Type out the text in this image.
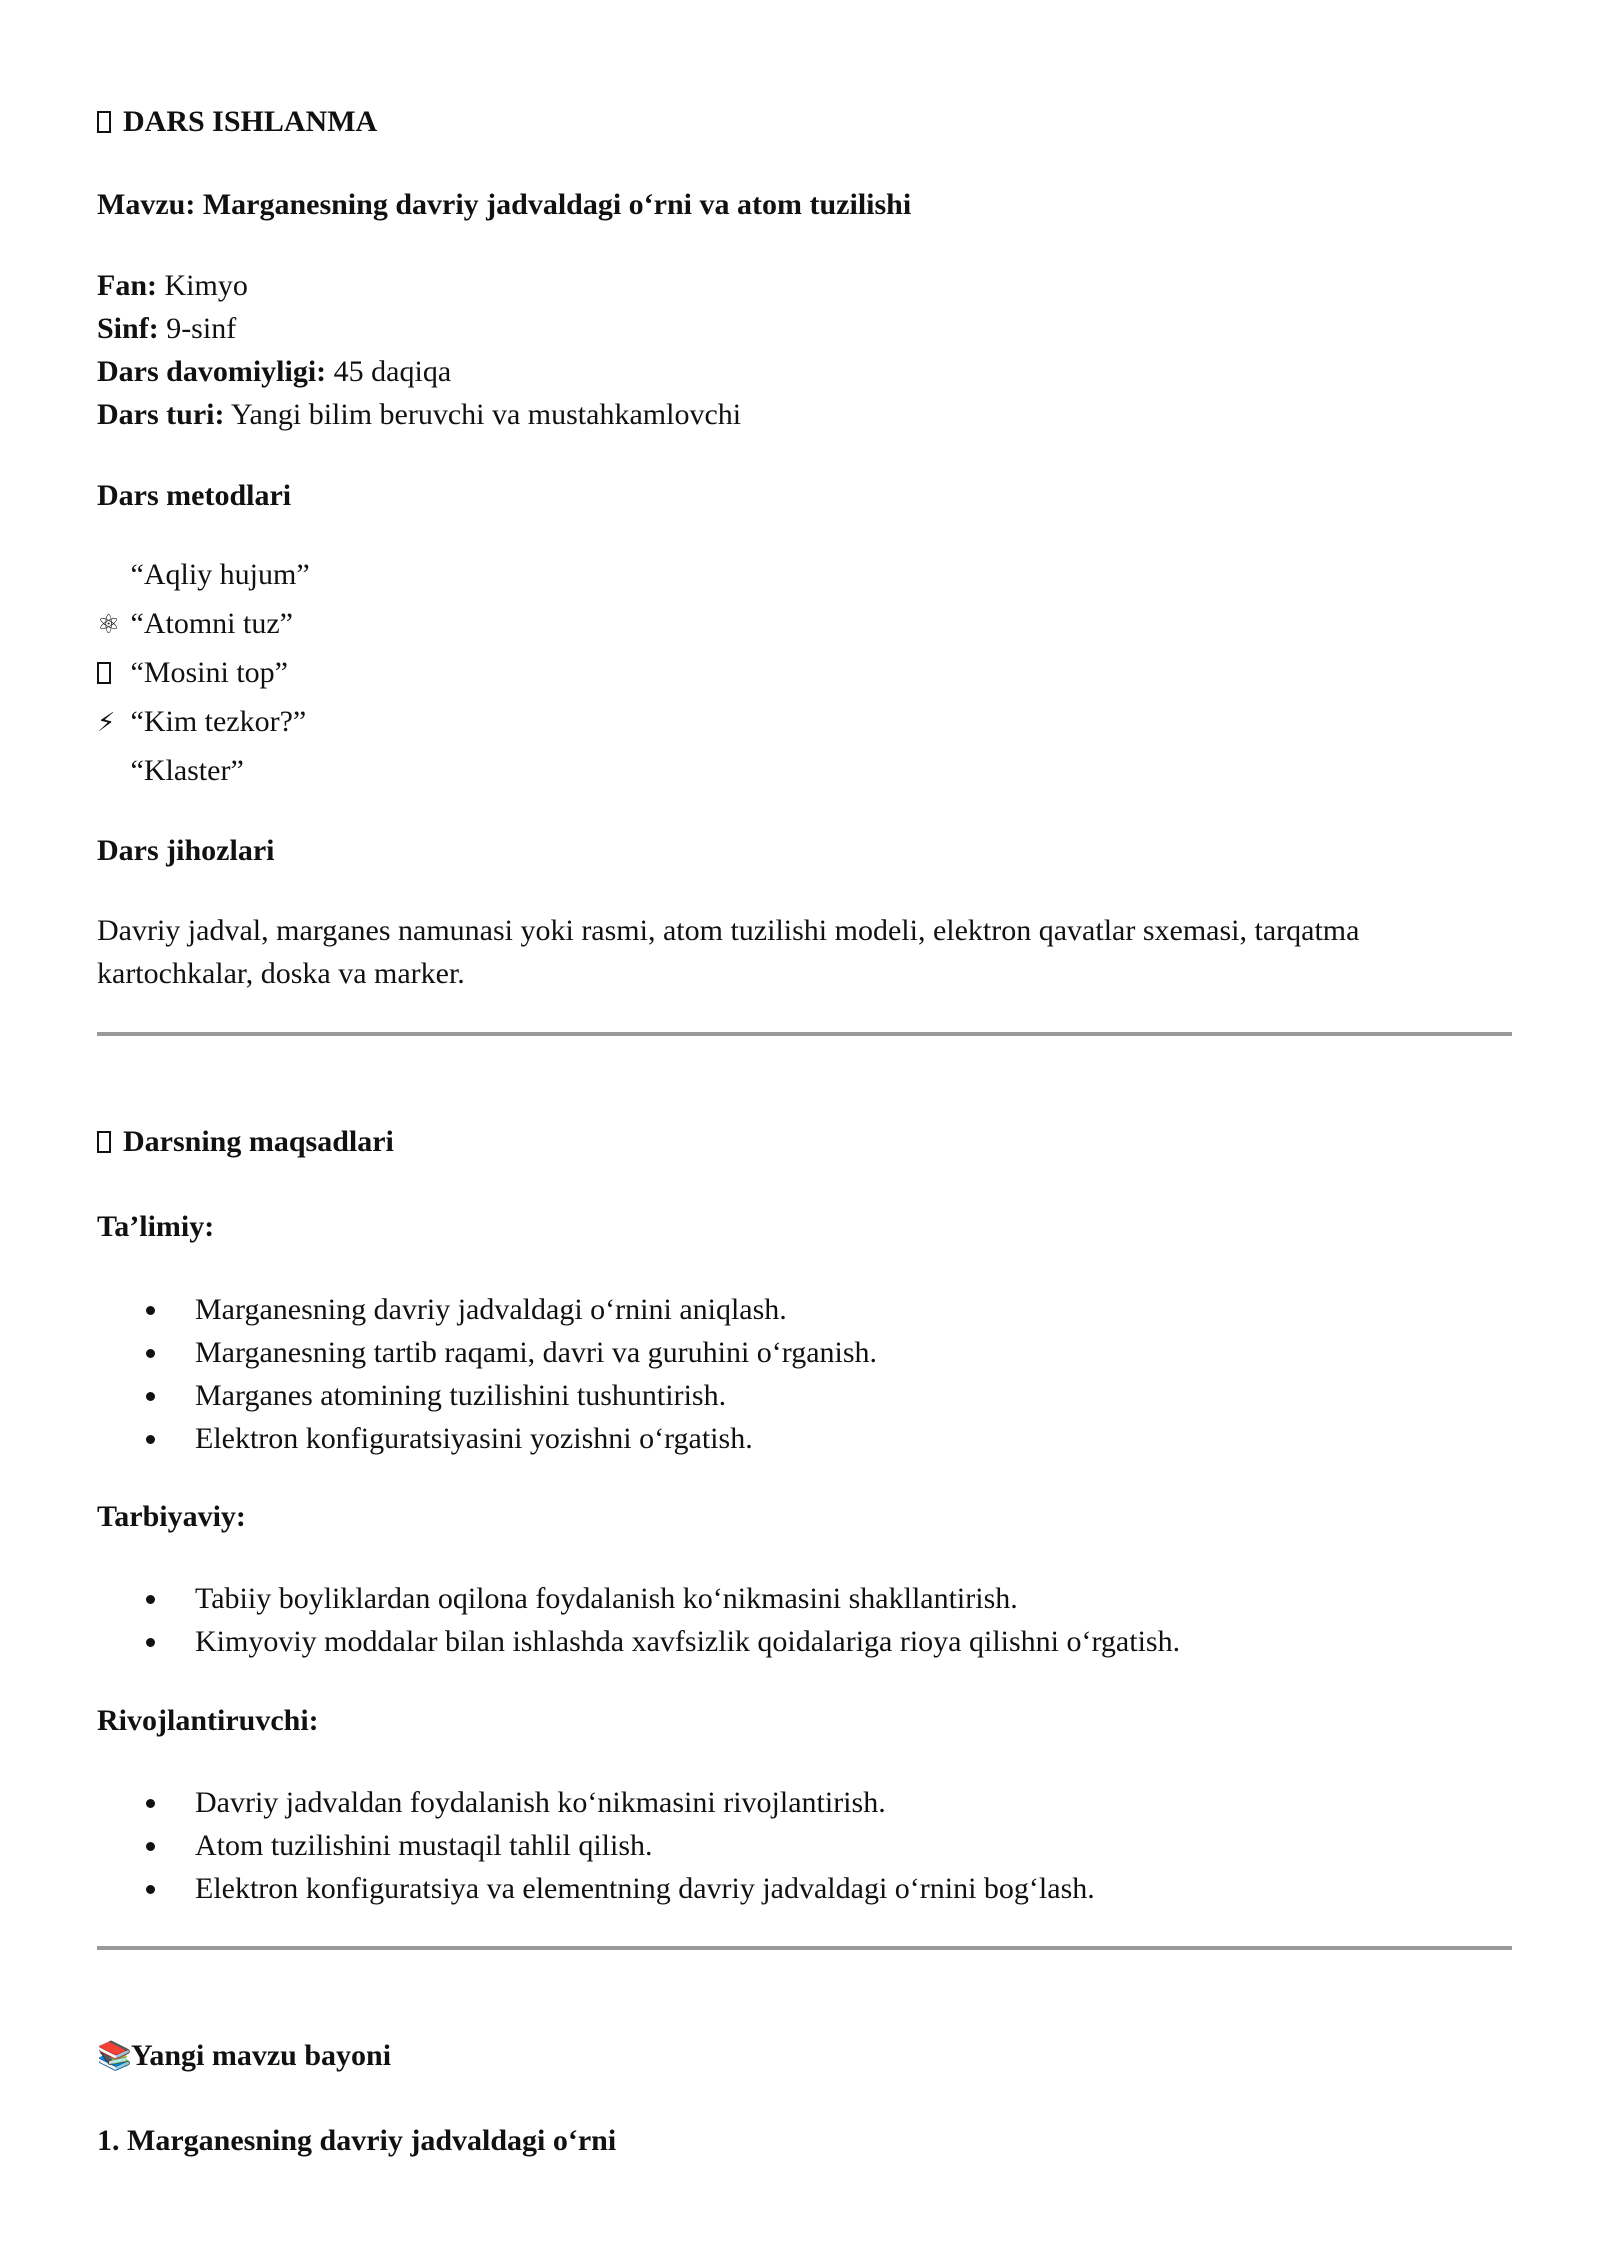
DARS ISHLANMA
Mavzu: Marganesning davriy jadvaldagi o‘rni va atom tuzilishi
Fan: Kimyo
Sinf: 9-sinf
Dars davomiyligi: 45 daqiqa
Dars turi: Yangi bilim beruvchi va mustahkamlovchi
Dars metodlari
“Aqliy hujum”
⚛ “Atomni tuz”
“Mosini top”
⚡ “Kim tezkor?”
“Klaster”
Dars jihozlari
Davriy jadval, marganes namunasi yoki rasmi, atom tuzilishi modeli, elektron qavatlar sxemasi, tarqatma kartochkalar, doska va marker.
Darsning maqsadlari
Ta’limiy:
Marganesning davriy jadvaldagi o‘rnini aniqlash.
Marganesning tartib raqami, davri va guruhini o‘rganish.
Marganes atomining tuzilishini tushuntirish.
Elektron konfiguratsiyasini yozishni o‘rgatish.
Tarbiyaviy:
Tabiiy boyliklardan oqilona foydalanish ko‘nikmasini shakllantirish.
Kimyoviy moddalar bilan ishlashda xavfsizlik qoidalariga rioya qilishni o‘rgatish.
Rivojlantiruvchi:
Davriy jadvaldan foydalanish ko‘nikmasini rivojlantirish.
Atom tuzilishini mustaqil tahlil qilish.
Elektron konfiguratsiya va elementning davriy jadvaldagi o‘rnini bog‘lash.
📚Yangi mavzu bayoni
1. Marganesning davriy jadvaldagi o‘rni
